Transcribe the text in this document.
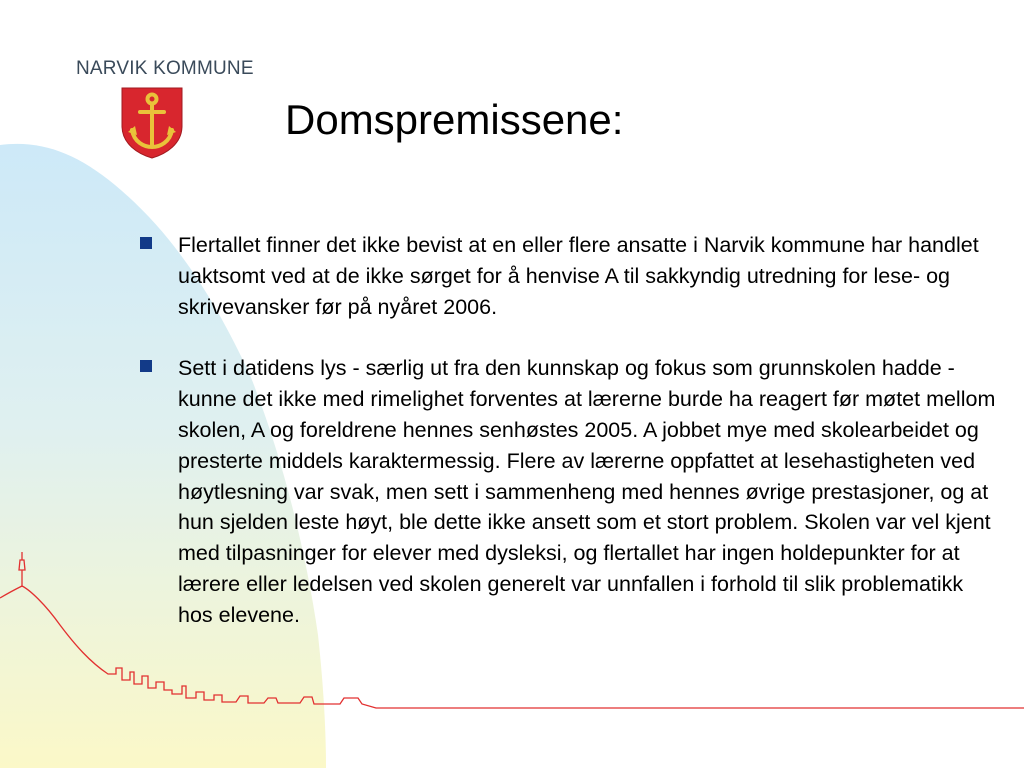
NARVIK KOMMUNE
Domspremissene:
Flertallet finner det ikke bevist at en eller flere ansatte i Narvik kommune har handlet uaktsomt ved at de ikke sørget for å henvise A til sakkyndig utredning for lese- og skrivevansker før på nyåret 2006.
Sett i datidens lys - særlig ut fra den kunnskap og fokus som grunnskolen hadde - kunne det ikke med rimelighet forventes at lærerne burde ha reagert før møtet mellom skolen, A og foreldrene hennes senhøstes 2005. A jobbet mye med skolearbeidet og presterte middels karaktermessig. Flere av lærerne oppfattet at lesehastigheten ved høytlesning var svak, men sett i sammenheng med hennes øvrige prestasjoner, og at hun sjelden leste høyt, ble dette ikke ansett som et stort problem. Skolen var vel kjent med tilpasninger for elever med dysleksi, og flertallet har ingen holdepunkter for at lærere eller ledelsen ved skolen generelt var unnfallen i forhold til slik problematikk hos elevene.
